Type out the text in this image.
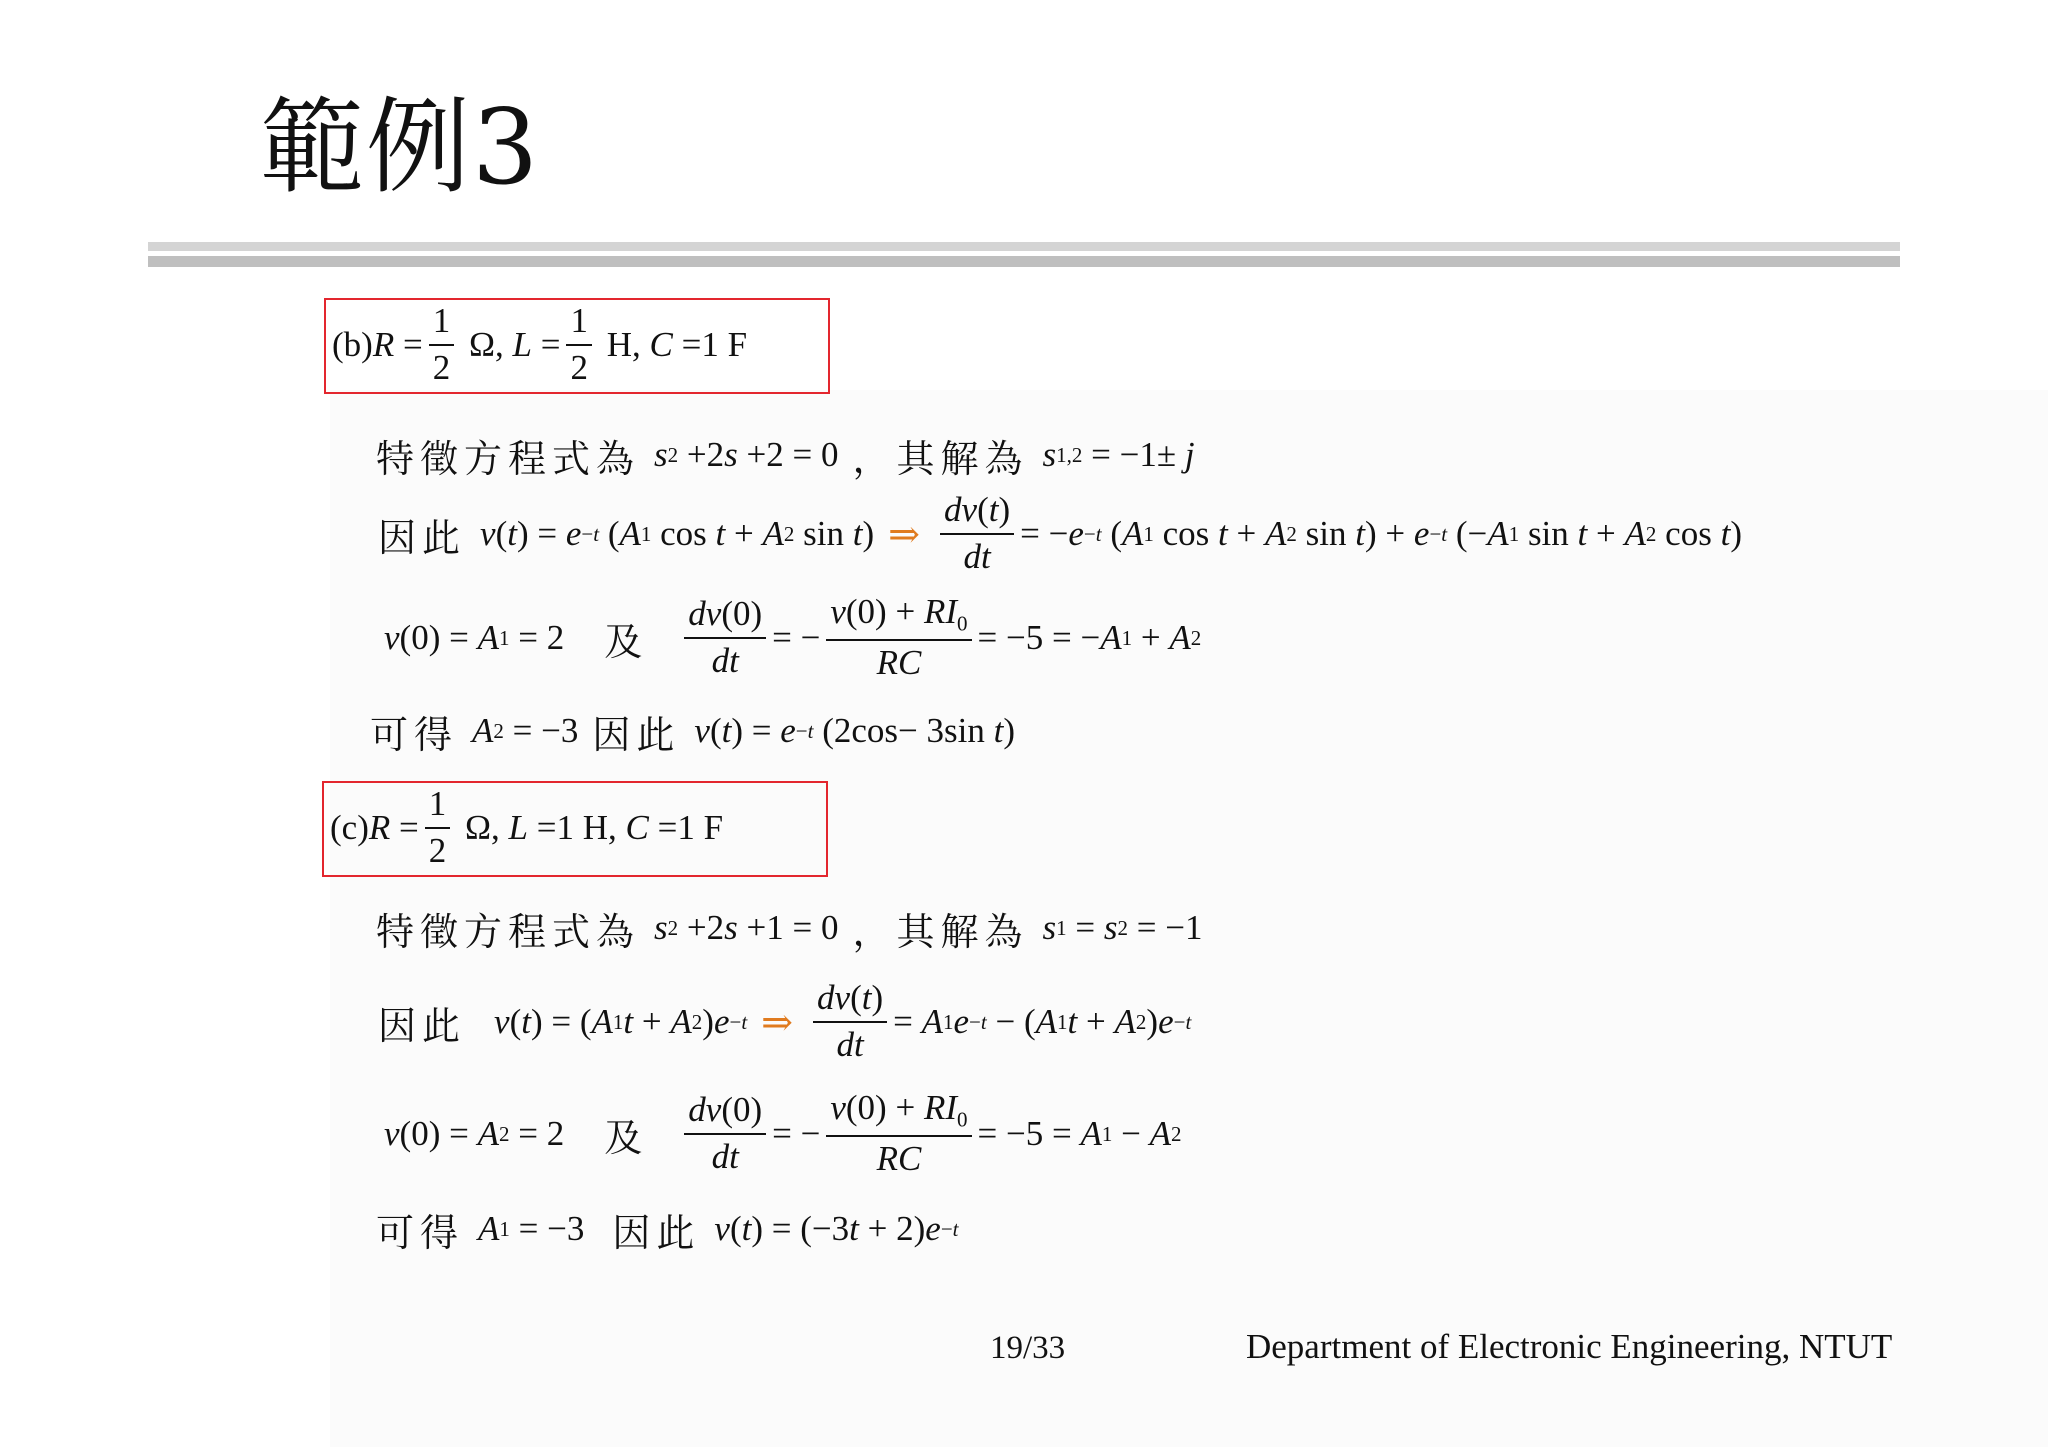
範例3
(b) $R = \frac{1}{2} \Omega$, $L = \frac{1}{2} H$, C =1 F
特徵方程式為 s 2 +2 s +2 = 0 ，其解為 s 1,2 = −1± j
因此 v ( t ) = e −t ( A 1 cos t + A 2 sin t ) ⇒ $\frac{dv(t)}{dt}$ = − e −t ( A 1 cos t + A 2 sin t ) + e −t (− A 1 sin t + A 2 cos t )
v (0) = A 1 = 2 及 $\frac{dv(0)}{dt}$ = − $\frac{v(0) + RI_0}{RC} = -5$ = − A 1 + A 2
可得 A 2 = −3 因此 v ( t ) = e −t (2cos− 3sin t )
(c) $R = \frac{1}{2} \Omega$, L =1 H, C =1 F
特徵方程式為 s 2 +2 s +1 = 0 ，其解為 s 1 = s 2 = −1
因此 v ( t ) = ( A 1 t + A 2 ) e −t ⇒ $\frac{dv(t)}{dt} = A$ 1 e −t − ( A 1 t + A 2 ) e −t
v (0) = A 2 = 2 及 $\frac{dv(0)}{dt}$ = − $\frac{v(0) + RI_0}{RC} = -5 = A$ 1 − A 2
可得 A 1 = −3 因此 v ( t ) = (−3 t + 2) e −t
19/33	Department of Electronic Engineering, NTUT
